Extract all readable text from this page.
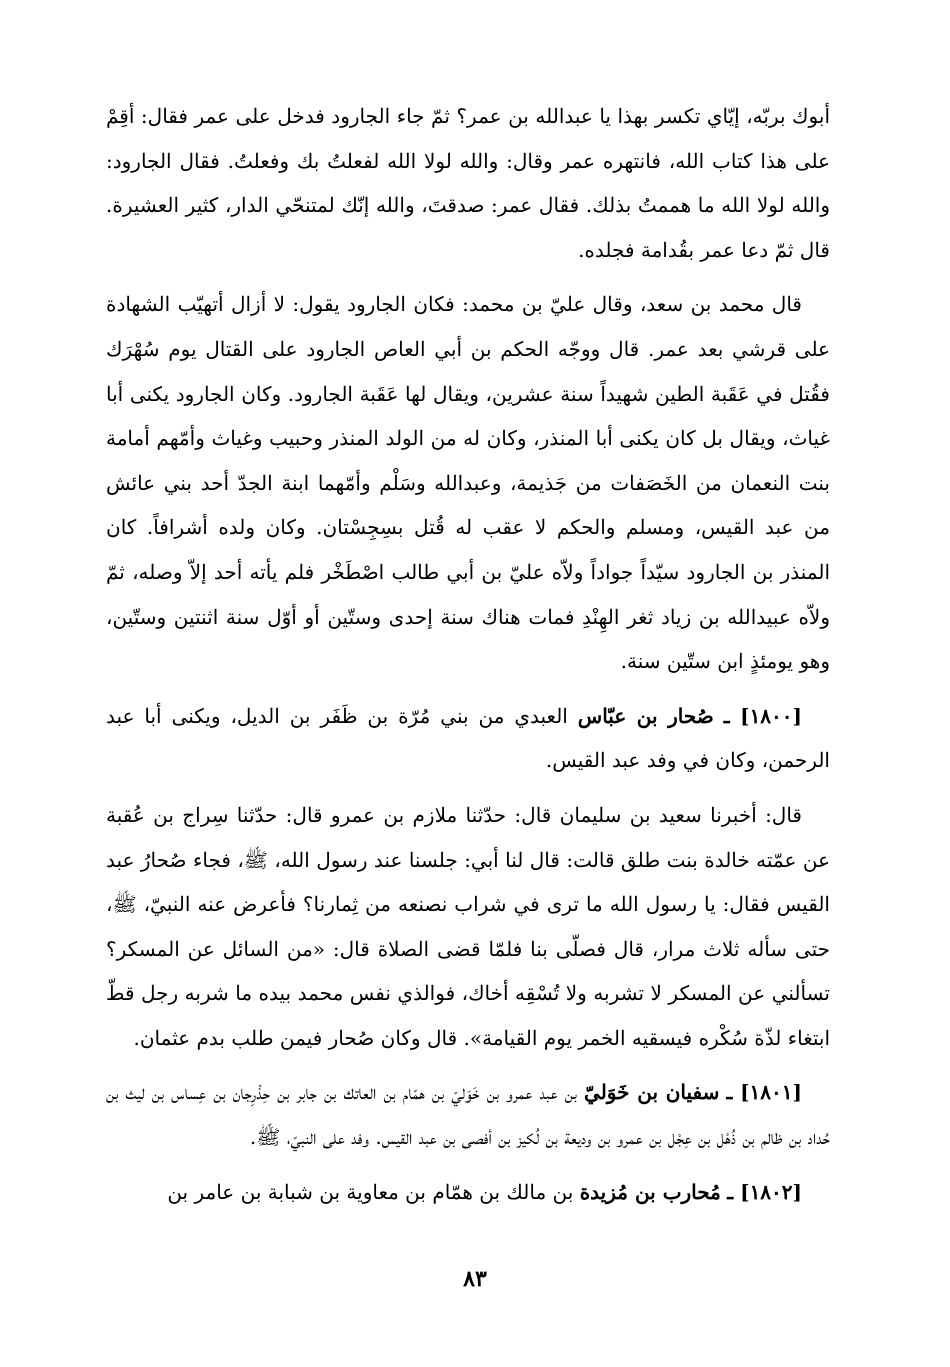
أبوك بربّه، إيّاي تكسر بهذا يا عبدالله بن عمر؟ ثمّ جاء الجارود فدخل على عمر فقال: أقِمْ على هذا كتاب الله، فانتهره عمر وقال: والله لولا الله لفعلتُ بك وفعلتُ. فقال الجارود: والله لولا الله ما هممتُ بذلك. فقال عمر: صدقتَ، والله إنّك لمتنحّي الدار، كثير العشيرة. قال ثمّ دعا عمر بقُدامة فجلده.

قال محمد بن سعد، وقال عليّ بن محمد: فكان الجارود يقول: لا أزال أتهيّب الشهادة على قرشي بعد عمر. قال ووجّه الحكم بن أبي العاص الجارود على القتال يوم سُهْرَك فقُتل في عَقَبة الطين شهيداً سنة عشرين، ويقال لها عَقَبة الجارود. وكان الجارود يكنى أبا غياث، ويقال بل كان يكنى أبا المنذر، وكان له من الولد المنذر وحبيب وغياث وأمّهم أمامة بنت النعمان من الخَصَفات من جَذيمة، وعبدالله وسَلْم وأمّهما ابنة الجدّ أحد بني عائش من عبد القيس، ومسلم والحكم لا عقب له قُتل بسِجِسْتان. وكان ولده أشرافاً. كان المنذر بن الجارود سيّداً جواداً ولاّه عليّ بن أبي طالب اصْطَخْر فلم يأته أحد إلاّ وصله، ثمّ ولاّه عبيدالله بن زياد ثغر الهِنْدِ فمات هناك سنة إحدى وستّين أو أوّل سنة اثنتين وستّين، وهو يومئذٍ ابن ستّين سنة.

[١٨٠٠] ـ صُحار بن عبّاس العبدي من بني مُرّة بن ظَفَر بن الديل، ويكنى أبا عبد الرحمن، وكان في وفد عبد القيس.

قال: أخبرنا سعيد بن سليمان قال: حدّثنا ملازم بن عمرو قال: حدّثنا سِراج بن عُقبة عن عمّته خالدة بنت طلق قالت: قال لنا أبي: جلسنا عند رسول الله، ﷺ، فجاء صُحارُ عبد القيس فقال: يا رسول الله ما ترى في شراب نصنعه من ثِمارنا؟ فأعرض عنه النبيّ، ﷺ، حتى سأله ثلاث مرار، قال فصلّى بنا فلمّا قضى الصلاة قال: «من السائل عن المسكر؟ تسألني عن المسكر لا تشربه ولا تُسْقِه أخاك، فوالذي نفس محمد بيده ما شربه رجل قطّ ابتغاء لذّة سُكْره فيسقيه الخمر يوم القيامة». قال وكان صُحار فيمن طلب بدم عثمان.

[١٨٠١] ـ سفيان بن خَوَليّ بن عبد عمرو بن خَوَليّ بن همّام بن العاتك بن جابر بن حِذْرِجان بن عِساس بن ليث بن حُداد بن ظالم بن ذُهْل بن عِجْل بن عمرو بن وديعة بن لُكيز بن أفصى بن عبد القيس. وفد على النبيّ، ﷺ.

[١٨٠٢] ـ مُحارب بن مُزيدة بن مالك بن همّام بن معاوية بن شبابة بن عامر بن

٨٣
